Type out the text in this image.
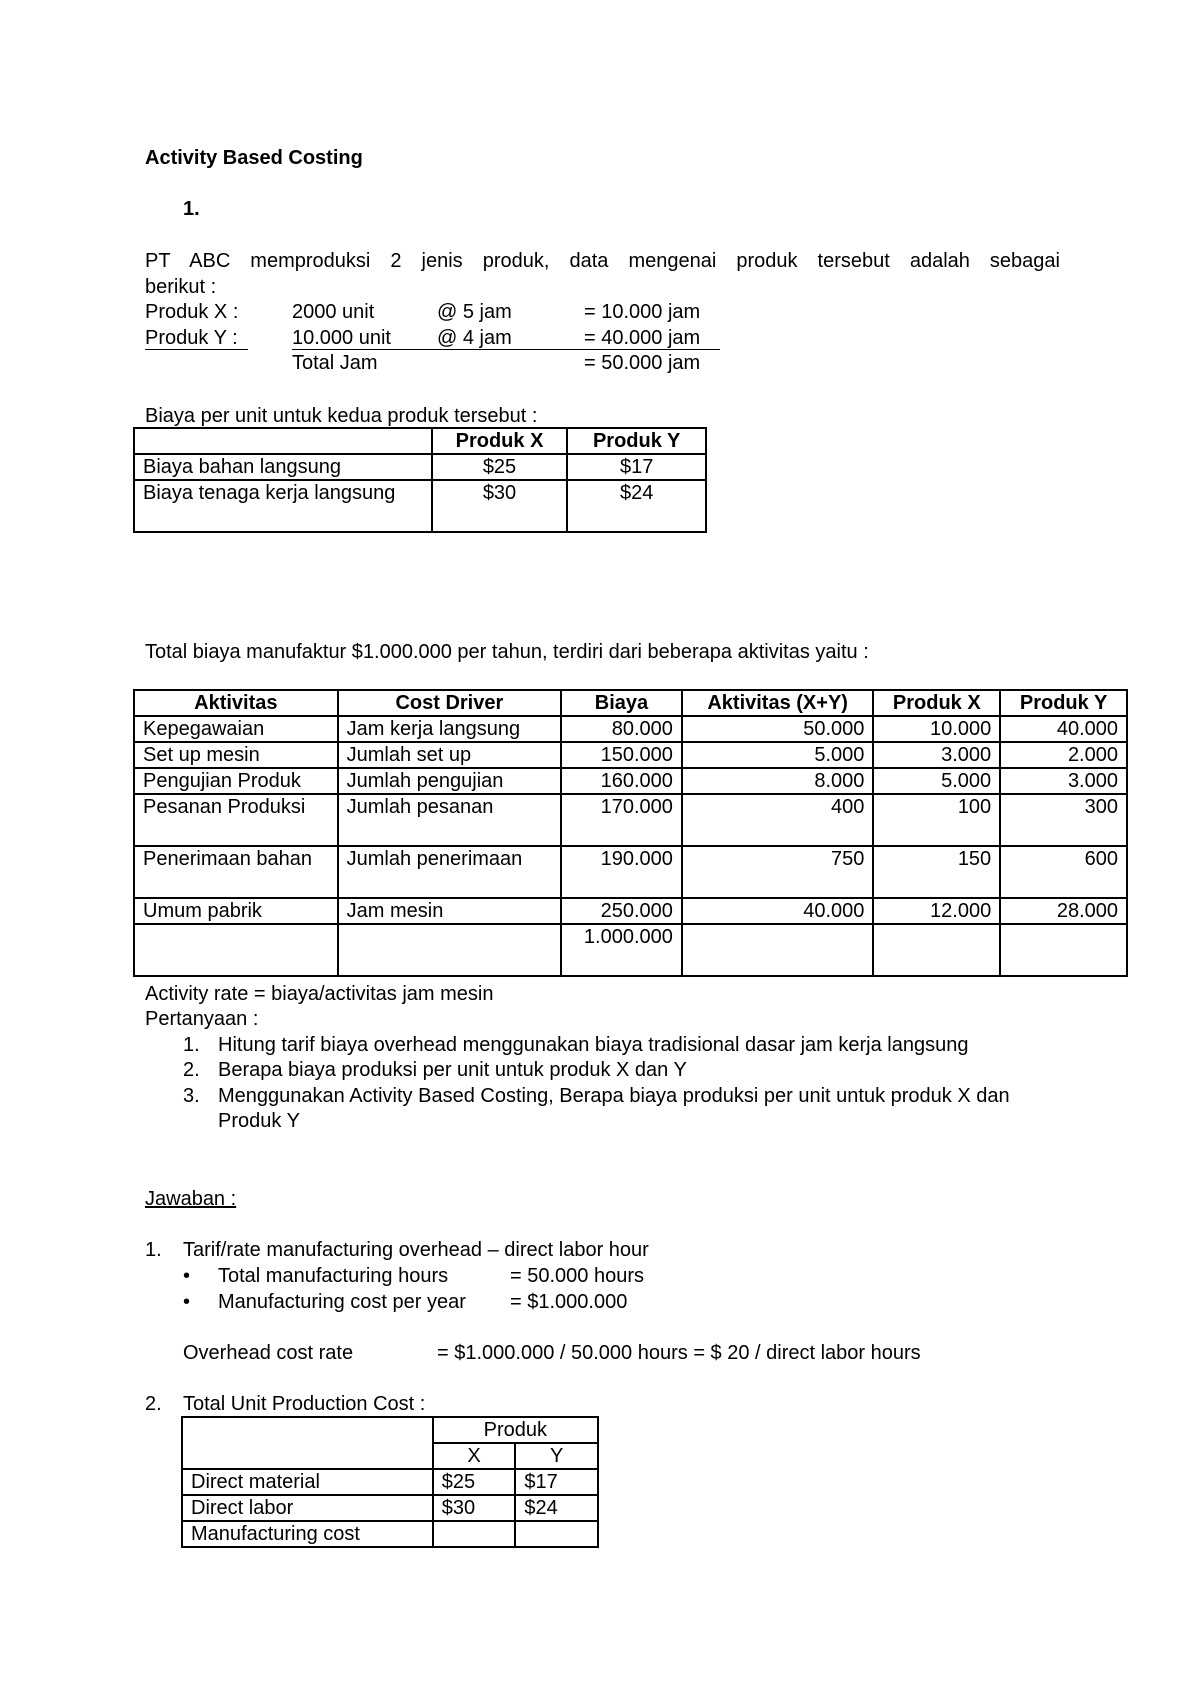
Activity Based Costing
1.
PT ABC memproduksi 2 jenis produk, data mengenai produk tersebut adalah sebagai
berikut :
Produk X :	2000 unit	@ 5 jam	= 10.000 jam
Produk Y :	10.000 unit @ 4 jam	= 40.000 jam
Total Jam	= 50.000 jam
Biaya per unit untuk kedua produk tersebut :
	Produk X	Produk Y
Biaya bahan langsung	$25	$17
Biaya tenaga kerja langsung	$30	$24
Total biaya manufaktur $1.000.000 per tahun, terdiri dari beberapa aktivitas yaitu :
Aktivitas	Cost Driver	Biaya	Aktivitas (X+Y)	Produk X	Produk Y
Kepegawaian	Jam kerja langsung	80.000	50.000	10.000	40.000
Set up mesin	Jumlah set up	150.000	5.000	3.000	2.000
Pengujian Produk	Jumlah pengujian	160.000	8.000	5.000	3.000
Pesanan Produksi	Jumlah pesanan	170.000	400	100	300
Penerimaan bahan	Jumlah penerimaan	190.000	750	150	600
Umum pabrik	Jam mesin	250.000	40.000	12.000	28.000
		1.000.000			
Activity rate = biaya/activitas jam mesin
Pertanyaan :
1. Hitung tarif biaya overhead menggunakan biaya tradisional dasar jam kerja langsung
2. Berapa biaya produksi per unit untuk produk X dan Y
3. Menggunakan Activity Based Costing, Berapa biaya produksi per unit untuk produk X dan Produk Y
Jawaban :
1. Tarif/rate manufacturing overhead – direct labor hour
• Total manufacturing hours	= 50.000 hours
• Manufacturing cost per year = $1.000.000
Overhead cost rate	= $1.000.000 / 50.000 hours = $ 20 / direct labor hours
2. Total Unit Production Cost :
	Produk	
	X	Y
Direct material	$25	$17
Direct labor	$30	$24
Manufacturing cost		
